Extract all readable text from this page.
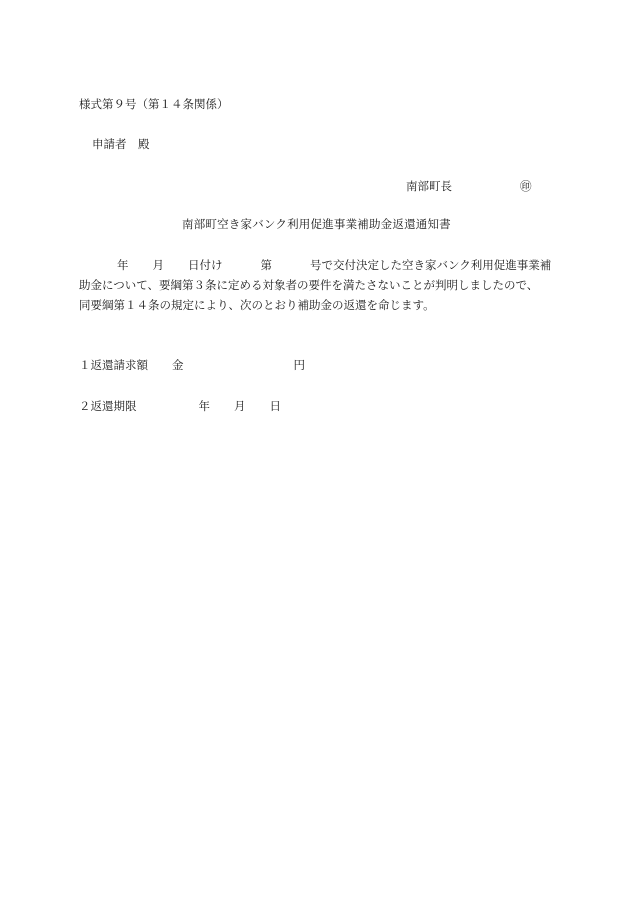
様式第９号（第１４条関係）
申請者　殿
南部町長	㊞
南部町空き家バンク利用促進事業補助金返還通知書
年 月 日付け	第	号で交付決定した空き家バンク利用促進事業補
助金について、要綱第３条に定める対象者の要件を満たさないことが判明しましたので、
同要綱第１４条の規定により、次のとおり補助金の返還を命じます。
１返還請求額 金	円
２返還期限	年 月 日
